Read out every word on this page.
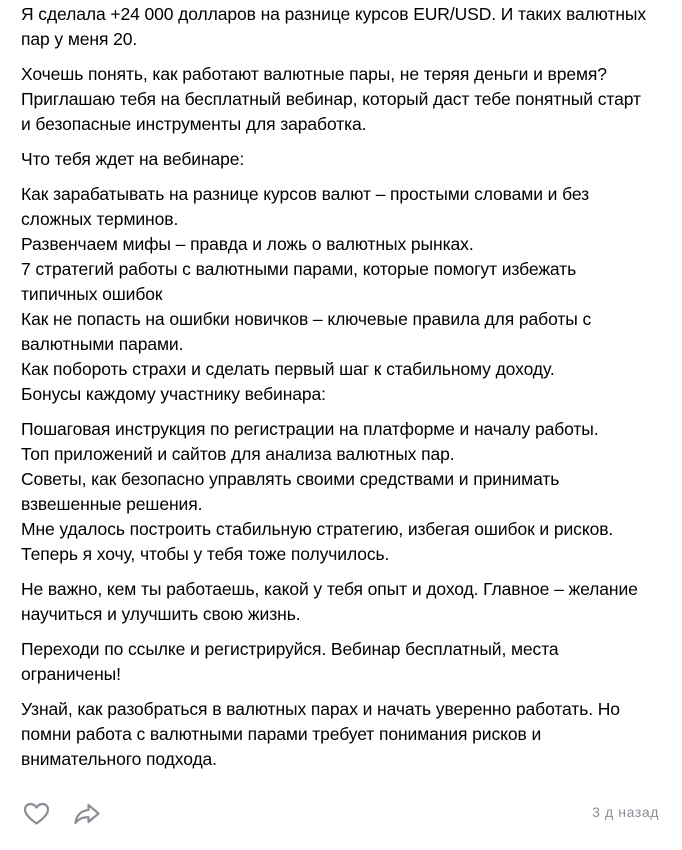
Я сделала +24 000 долларов на разнице курсов EUR/USD. И таких валютных
пар у меня 20.
Хочешь понять, как работают валютные пары, не теряя деньги и время?
Приглашаю тебя на бесплатный вебинар, который даст тебе понятный старт
и безопасные инструменты для заработка.
Что тебя ждет на вебинаре:
Как зарабатывать на разнице курсов валют – простыми словами и без
сложных терминов.
Развенчаем мифы – правда и ложь о валютных рынках.
7 стратегий работы с валютными парами, которые помогут избежать
типичных ошибок
Как не попасть на ошибки новичков – ключевые правила для работы с
валютными парами.
Как побороть страхи и сделать первый шаг к стабильному доходу.
Бонусы каждому участнику вебинара:
Пошаговая инструкция по регистрации на платформе и началу работы.
Топ приложений и сайтов для анализа валютных пар.
Советы, как безопасно управлять своими средствами и принимать
взвешенные решения.
Мне удалось построить стабильную стратегию, избегая ошибок и рисков.
Теперь я хочу, чтобы у тебя тоже получилось.
Не важно, кем ты работаешь, какой у тебя опыт и доход. Главное – желание
научиться и улучшить свою жизнь.
Переходи по ссылке и регистрируйся. Вебинар бесплатный, места
ограничены!
Узнай, как разобраться в валютных парах и начать уверенно работать. Но
помни работа с валютными парами требует понимания рисков и
внимательного подхода.
3 д назад
